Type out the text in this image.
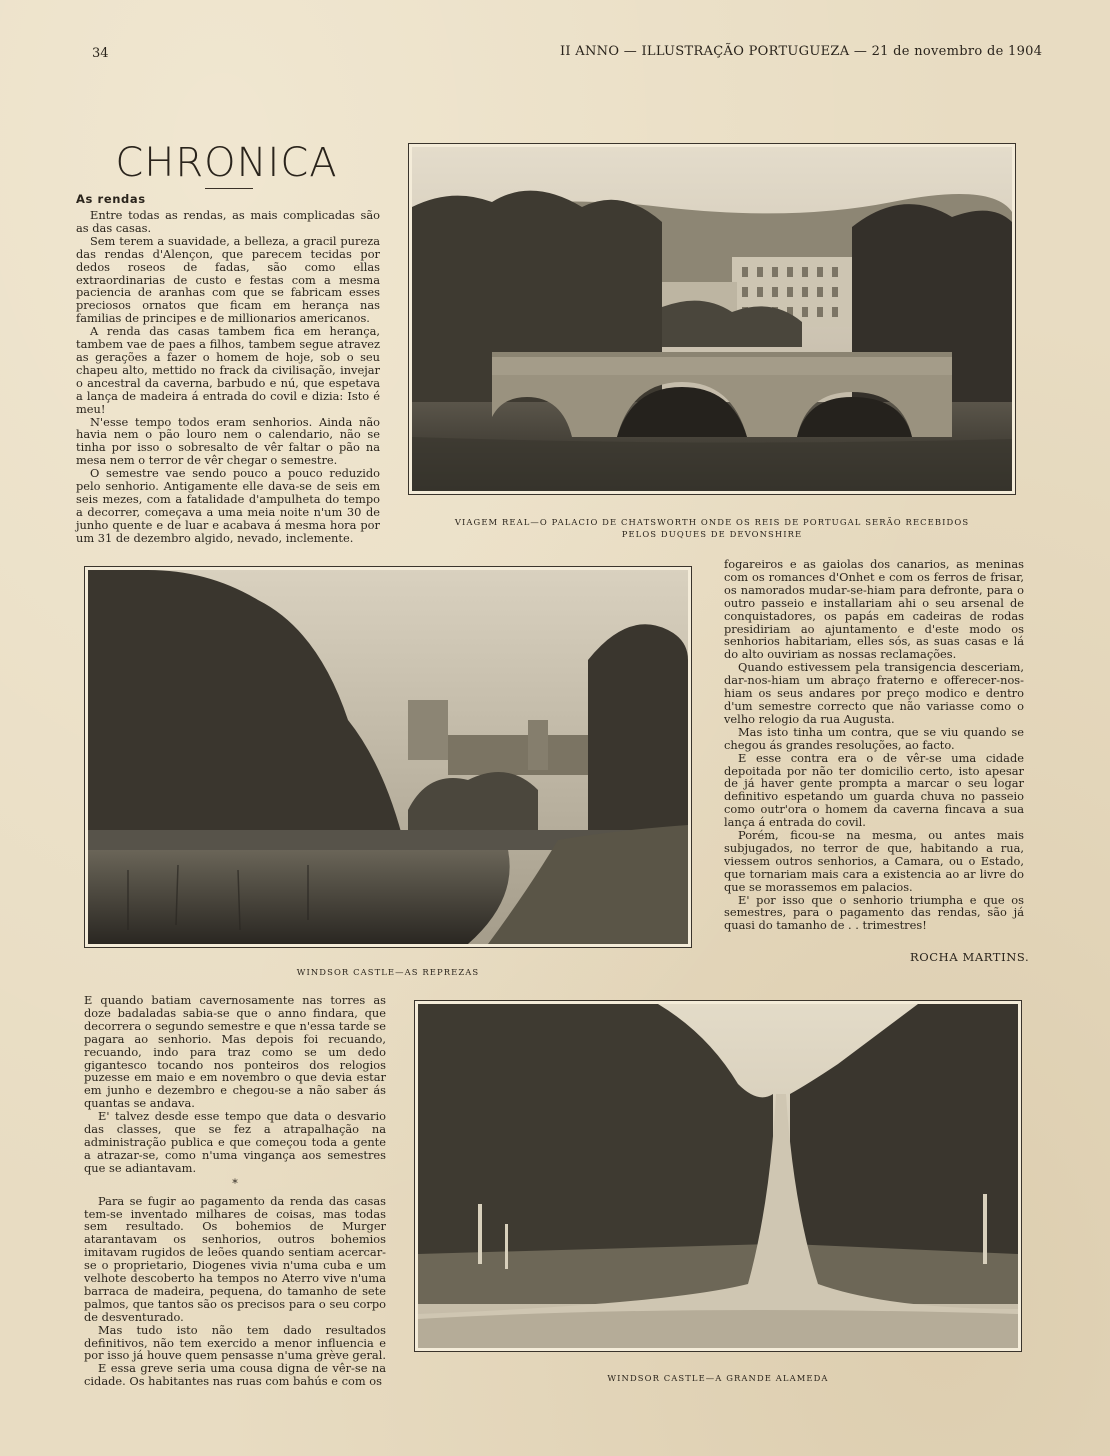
34	II ANNO — ILLUSTRAÇÃO PORTUGUEZA — 21 de novembro de 1904
CHRONICA
As rendas

Entre todas as rendas, as mais complicadas são as das casas.

Sem terem a suavidade, a belleza, a gracil pureza das rendas d'Alençon, que parecem tecidas por dedos roseos de fadas, são como ellas extraordinarias de custo e festas com a mesma paciencia de aranhas com que se fabricam esses preciosos ornatos que ficam em herança nas familias de principes e de millionarios americanos.

A renda das casas tambem fica em herança, tambem vae de paes a filhos, tambem segue atravez as gerações a fazer o homem de hoje, sob o seu chapeu alto, mettido no frack da civilisação, invejar o ancestral da caverna, barbudo e nú, que espetava a lança de madeira á entrada do covil e dizia: Isto é meu!

N'esse tempo todos eram senhorios. Ainda não havia nem o pão louro nem o calendario, não se tinha por isso o sobresalto de vêr faltar o pão na mesa nem o terror de vêr chegar o semestre.

O semestre vae sendo pouco a pouco reduzido pelo senhorio. Antigamente elle dava-se de seis em seis mezes, com a fatalidade d'ampulheta do tempo a decorrer, começava a uma meia noite n'um 30 de junho quente e de luar e acabava á mesma hora por um 31 de dezembro algido, nevado, inclemente.

VIAGEM REAL—O PALACIO DE CHATSWORTH ONDE OS REIS DE PORTUGAL SERÃO RECEBIDOS
PELOS DUQUES DE DEVONSHIRE
WINDSOR CASTLE—AS REPREZAS

fogareiros e as gaiolas dos canarios, as meninas com os romances d'Onhet e com os ferros de frisar, os namorados mudar-se-hiam para defronte, para o outro passeio e installariam ahi o seu arsenal de conquistadores, os papás em cadeiras de rodas presidiriam ao ajuntamento e d'este modo os senhorios habitariam, elles sós, as suas casas e lá do alto ouviriam as nossas reclamações.

Quando estivessem pela transigencia desceriam, dar-nos-hiam um abraço fraterno e offerecer-nos-hiam os seus andares por preço modico e dentro d'um semestre correcto que não variasse como o velho relogio da rua Augusta.

Mas isto tinha um contra, que se viu quando se chegou ás grandes resoluções, ao facto.

E esse contra era o de vêr-se uma cidade depoitada por não ter domicilio certo, isto apesar de já haver gente prompta a marcar o seu logar definitivo espetando um guarda chuva no passeio como outr'ora o homem da caverna fincava a sua lança á entrada do covil.

Porém, ficou-se na mesma, ou antes mais subjugados, no terror de que, habitando a rua, viessem outros senhorios, a Camara, ou o Estado, que tornariam mais cara a existencia ao ar livre do que se morassemos em palacios.

E' por isso que o senhorio triumpha e que os semestres, para o pagamento das rendas, são já quasi do tamanho de . . trimestres!

ROCHA MARTINS.

E quando batiam cavernosamente nas torres as doze badaladas sabia-se que o anno findara, que decorrera o segundo semestre e que n'essa tarde se pagara ao senhorio. Mas depois foi recuando, recuando, indo para traz como se um dedo gigantesco tocando nos ponteiros dos relogios puzesse em maio e em novembro o que devia estar em junho e dezembro e chegou-se a não saber ás quantas se andava.

E' talvez desde esse tempo que data o desvario das classes, que se fez a atrapalhação na administração publica e que começou toda a gente a atrazar-se, como n'uma vingança aos semestres que se adiantavam.

*

Para se fugir ao pagamento da renda das casas tem-se inventado milhares de coisas, mas todas sem resultado. Os bohemios de Murger atarantavam os senhorios, outros bohemios imitavam rugidos de leões quando sentiam acercar-se o proprietario, Diogenes vivia n'uma cuba e um velhote descoberto ha tempos no Aterro vive n'uma barraca de madeira, pequena, do tamanho de sete palmos, que tantos são os precisos para o seu corpo de desventurado.

Mas tudo isto não tem dado resultados definitivos, não tem exercido a menor influencia e por isso já houve quem pensasse n'uma grève geral.

E essa greve seria uma cousa digna de vêr-se na cidade. Os habitantes nas ruas com bahús e com os	WINDSOR CASTLE—A GRANDE ALAMEDA
